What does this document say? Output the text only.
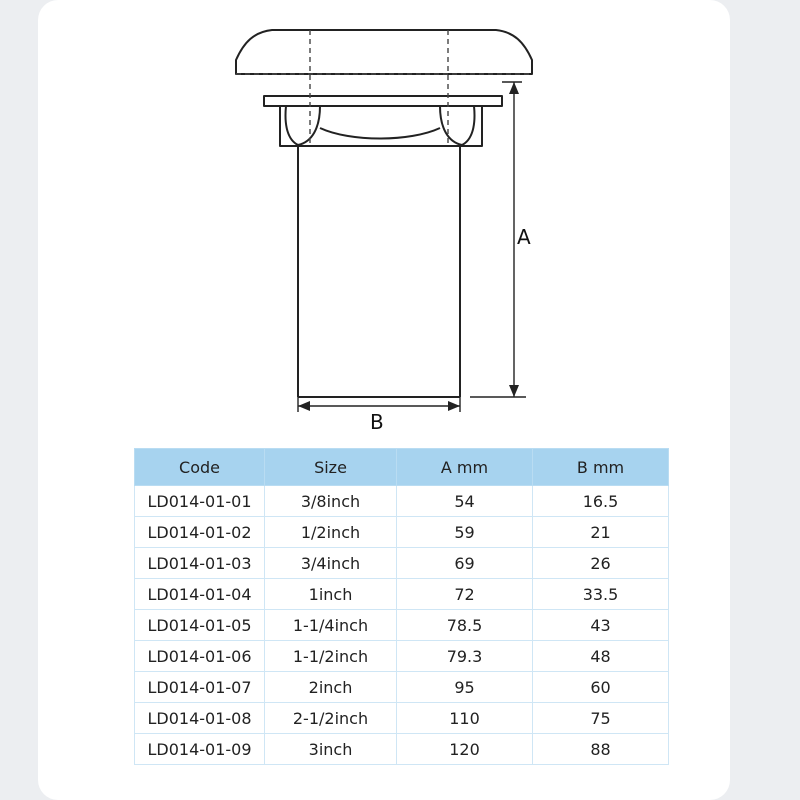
A
B
Code	Size	A mm	B mm
LD014-01-01	3/8inch	54	16.5
LD014-01-02	1/2inch	59	21
LD014-01-03	3/4inch	69	26
LD014-01-04	1inch	72	33.5
LD014-01-05	1-1/4inch	78.5	43
LD014-01-06	1-1/2inch	79.3	48
LD014-01-07	2inch	95	60
LD014-01-08	2-1/2inch	110	75
LD014-01-09	3inch	120	88
